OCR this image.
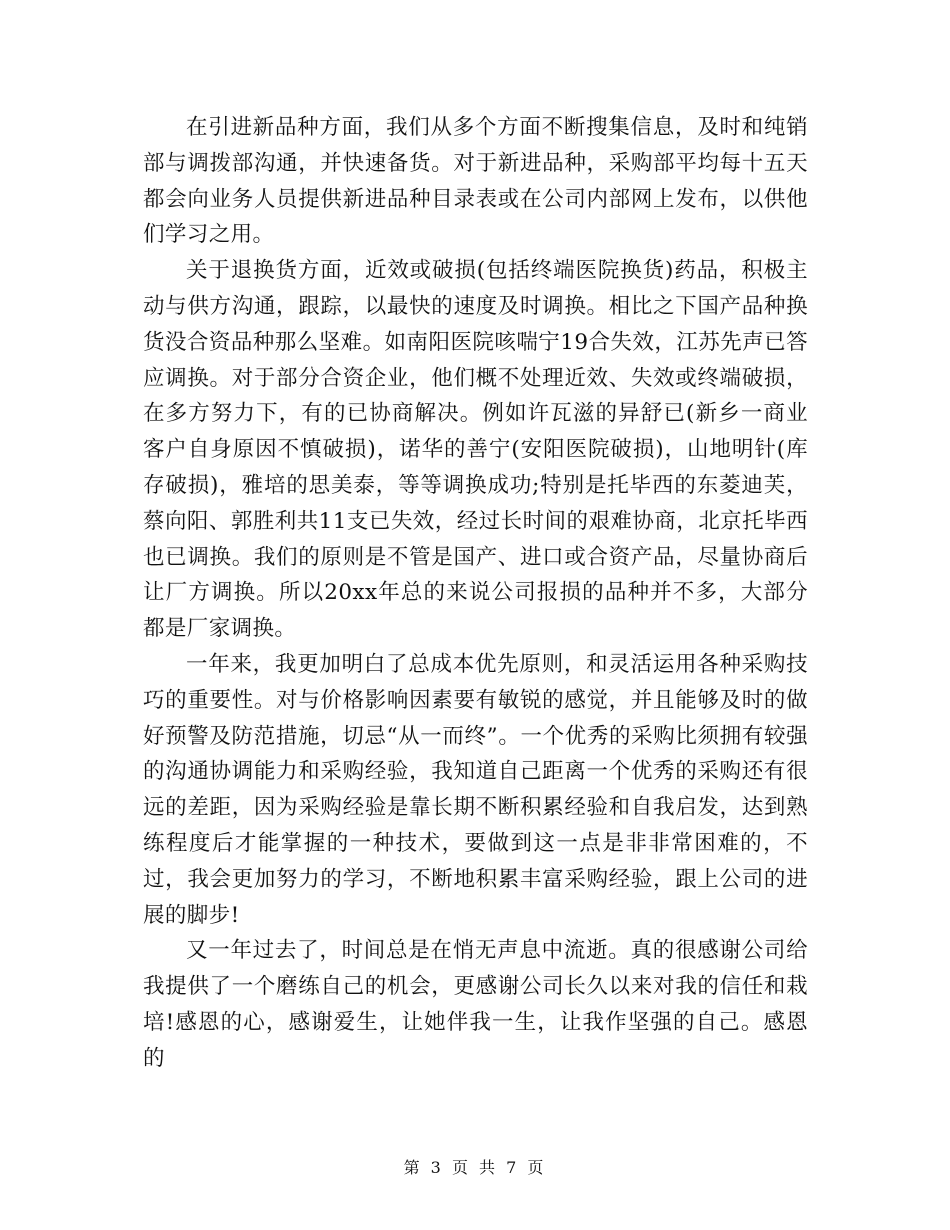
在引进新品种方面，我们从多个方面不断搜集信息，及时和纯销部与调拨部沟通，并快速备货。对于新进品种，采购部平均每十五天都会向业务人员提供新进品种目录表或在公司内部网上发布，以供他们学习之用。

关于退换货方面，近效或破损(包括终端医院换货)药品，积极主动与供方沟通，跟踪，以最快的速度及时调换。相比之下国产品种换货没合资品种那么坚难。如南阳医院咳喘宁19合失效，江苏先声已答应调换。对于部分合资企业，他们概不处理近效、失效或终端破损，在多方努力下，有的已协商解决。例如许瓦滋的异舒已(新乡一商业客户自身原因不慎破损)，诺华的善宁(安阳医院破损)，山地明针(库存破损)，雅培的思美泰，等等调换成功;特别是托毕西的东菱迪芙，蔡向阳、郭胜利共11支已失效，经过长时间的艰难协商，北京托毕西也已调换。我们的原则是不管是国产、进口或合资产品，尽量协商后让厂方调换。所以20xx年总的来说公司报损的品种并不多，大部分都是厂家调换。

一年来，我更加明白了总成本优先原则，和灵活运用各种采购技巧的重要性。对与价格影响因素要有敏锐的感觉，并且能够及时的做好预警及防范措施，切忌“从一而终”。一个优秀的采购比须拥有较强的沟通协调能力和采购经验，我知道自己距离一个优秀的采购还有很远的差距，因为采购经验是靠长期不断积累经验和自我启发，达到熟练程度后才能掌握的一种技术，要做到这一点是非非常困难的，不过，我会更加努力的学习，不断地积累丰富采购经验，跟上公司的进展的脚步!

又一年过去了，时间总是在悄无声息中流逝。真的很感谢公司给我提供了一个磨练自己的机会，更感谢公司长久以来对我的信任和栽培!感恩的心，感谢爱生，让她伴我一生，让我作坚强的自己。感恩的

第 3 页 共 7 页
